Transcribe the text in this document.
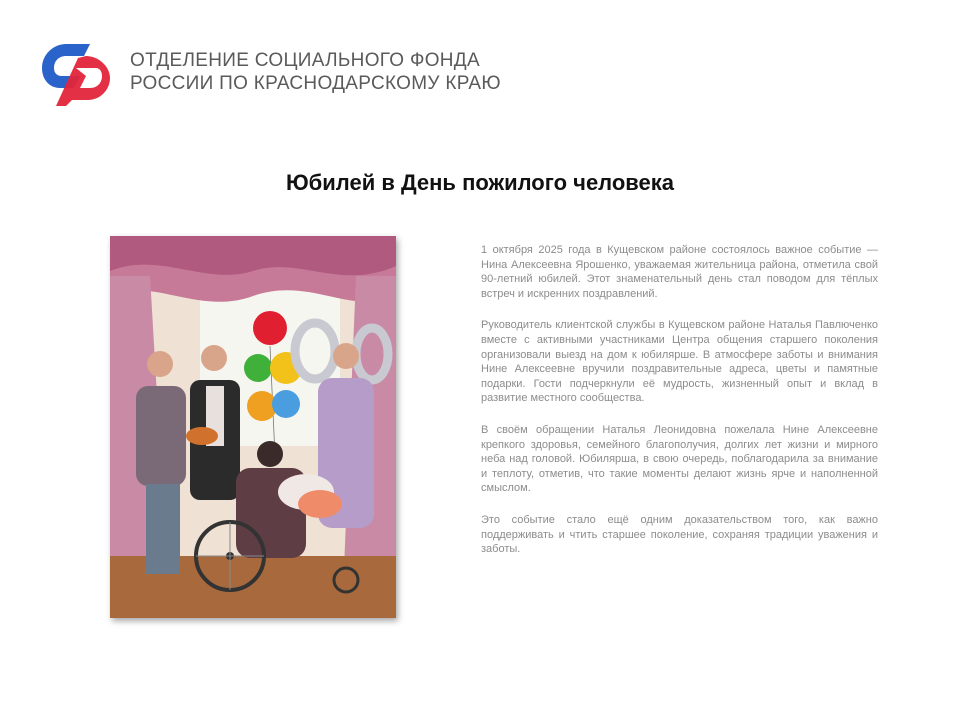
ОТДЕЛЕНИЕ СОЦИАЛЬНОГО ФОНДА
РОССИИ ПО КРАСНОДАРСКОМУ КРАЮ
Юбилей в День пожилого человека

1 октября 2025 года в Кущевском районе состоялось важное событие — Нина Алексеевна Ярошенко, уважаемая жительница района, отметила свой 90-летний юбилей. Этот знаменательный день стал поводом для тёплых встреч и искренних поздравлений.

Руководитель клиентской службы в Кущевском районе Наталья Павлюченко вместе с активными участниками Центра общения старшего поколения организовали выезд на дом к юбилярше. В атмосфере заботы и внимания Нине Алексеевне вручили поздравительные адреса, цветы и памятные подарки. Гости подчеркнули её мудрость, жизненный опыт и вклад в развитие местного сообщества.

В своём обращении Наталья Леонидовна пожелала Нине Алексеевне крепкого здоровья, семейного благополучия, долгих лет жизни и мирного неба над головой. Юбилярша, в свою очередь, поблагодарила за внимание и теплоту, отметив, что такие моменты делают жизнь ярче и наполненной смыслом.

Это событие стало ещё одним доказательством того, как важно поддерживать и чтить старшее поколение, сохраняя традиции уважения и заботы.
